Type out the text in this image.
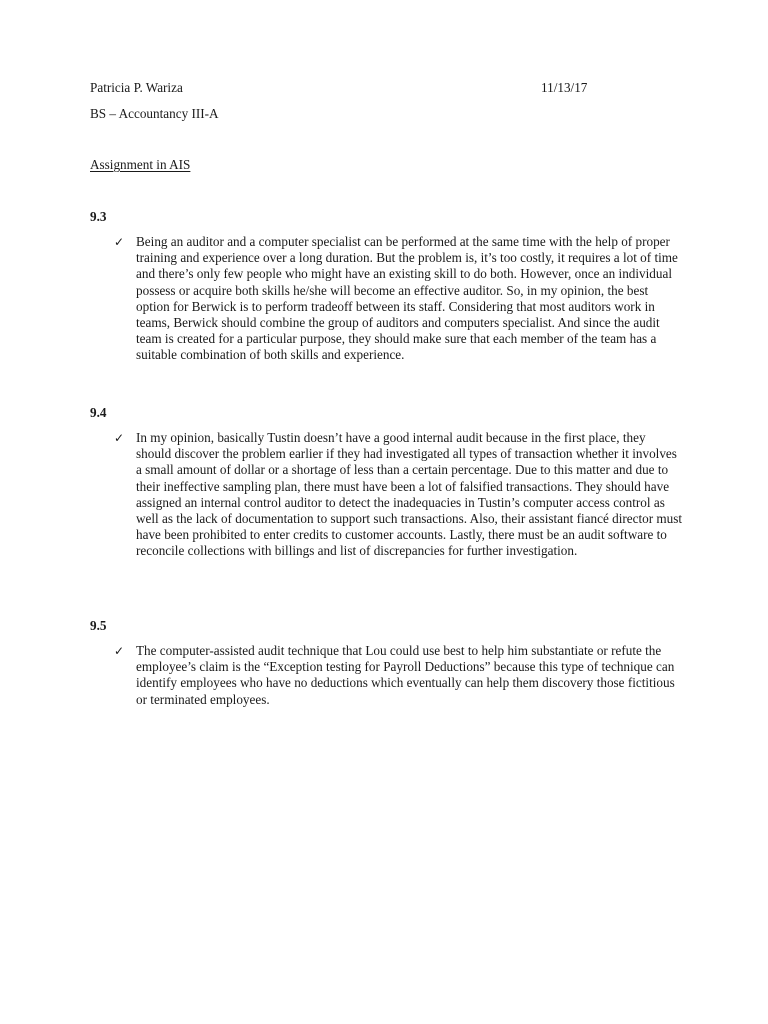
Patricia P. Wariza	11/13/17
BS – Accountancy III-A
Assignment in AIS
9.3
✓ Being an auditor and a computer specialist can be performed at the same time with the help of proper training and experience over a long duration. But the problem is, it’s too costly, it requires a lot of time and there’s only few people who might have an existing skill to do both. However, once an individual possess or acquire both skills he/she will become an effective auditor. So, in my opinion, the best option for Berwick is to perform tradeoff between its staff. Considering that most auditors work in teams, Berwick should combine the group of auditors and computers specialist. And since the audit team is created for a particular purpose, they should make sure that each member of the team has a suitable combination of both skills and experience.
9.4
✓ In my opinion, basically Tustin doesn’t have a good internal audit because in the first place, they should discover the problem earlier if they had investigated all types of transaction whether it involves a small amount of dollar or a shortage of less than a certain percentage. Due to this matter and due to their ineffective sampling plan, there must have been a lot of falsified transactions. They should have assigned an internal control auditor to detect the inadequacies in Tustin’s computer access control as well as the lack of documentation to support such transactions. Also, their assistant fiancé director must have been prohibited to enter credits to customer accounts. Lastly, there must be an audit software to reconcile collections with billings and list of discrepancies for further investigation.
9.5
✓ The computer-assisted audit technique that Lou could use best to help him substantiate or refute the employee’s claim is the “Exception testing for Payroll Deductions” because this type of technique can identify employees who have no deductions which eventually can help them discovery those fictitious or terminated employees.
